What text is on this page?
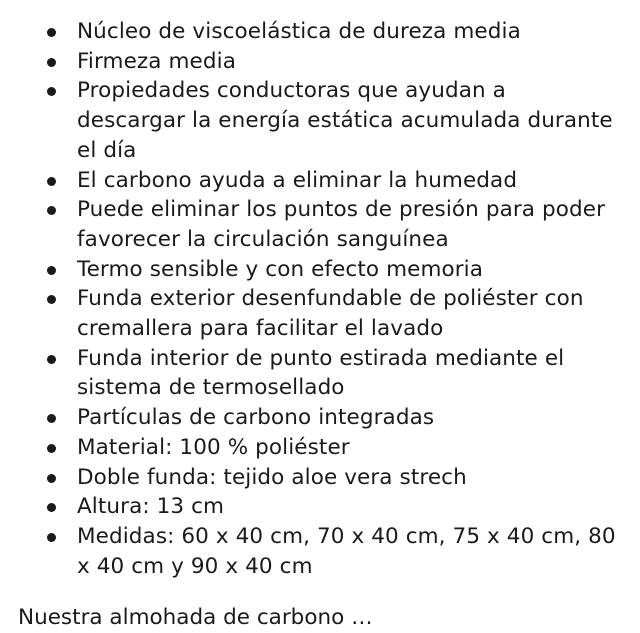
Núcleo de viscoelástica de dureza media
Firmeza media
Propiedades conductoras que ayudan a descargar la energía estática acumulada durante el día
El carbono ayuda a eliminar la humedad
Puede eliminar los puntos de presión para poder favorecer la circulación sanguínea
Termo sensible y con efecto memoria
Funda exterior desenfundable de poliéster con cremallera para facilitar el lavado
Funda interior de punto estirada mediante el sistema de termosellado
Partículas de carbono integradas
Material: 100 % poliéster
Doble funda: tejido aloe vera strech
Altura: 13 cm
Medidas: 60 x 40 cm, 70 x 40 cm, 75 x 40 cm, 80 x 40 cm y 90 x 40 cm
Nuestra almohada de carbono …
